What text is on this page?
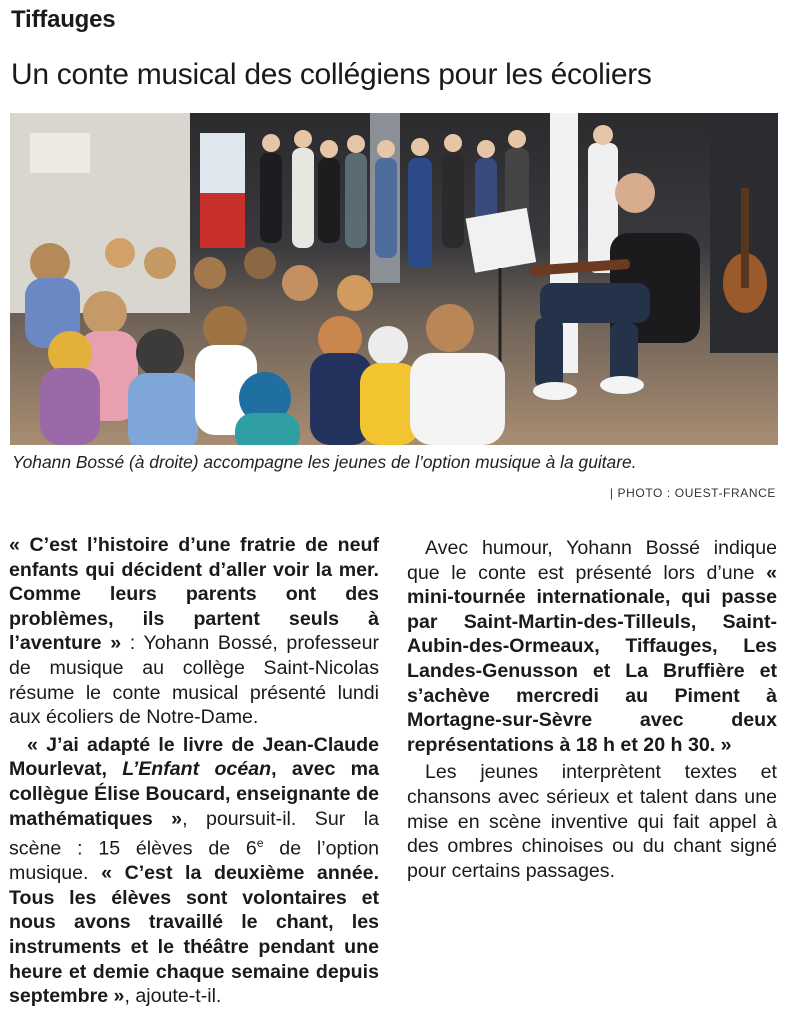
Tiffauges
Un conte musical des collégiens pour les écoliers
Yohann Bossé (à droite) accompagne les jeunes de l’option musique à la guitare.
| PHOTO : OUEST-FRANCE

« C’est l’histoire d’une fratrie de neuf enfants qui décident d’aller voir la mer. Comme leurs parents ont des problèmes, ils partent seuls à l’aventure » : Yohann Bossé, professeur de musique au collège Saint-Nicolas résume le conte musical présenté lundi aux écoliers de Notre-Dame.

« J’ai adapté le livre de Jean-Claude Mourlevat, L’Enfant océan, avec ma collègue Élise Boucard, enseignante de mathématiques », poursuit-il. Sur la scène : 15 élèves de 6e de l’option musique. « C’est la deuxième année. Tous les élèves sont volontaires et nous avons travaillé le chant, les instruments et le théâtre pendant une heure et demie chaque semaine depuis septembre », ajoute-t-il.

Avec humour, Yohann Bossé indique que le conte est présenté lors d’une « mini-tournée internationale, qui passe par Saint-Martin-des-Tilleuls, Saint-Aubin-des-Ormeaux, Tiffauges, Les Landes-Genusson et La Bruffière et s’achève mercredi au Piment à Mortagne-sur-Sèvre avec deux représentations à 18 h et 20 h 30. »

Les jeunes interprètent textes et chansons avec sérieux et talent dans une mise en scène inventive qui fait appel à des ombres chinoises ou du chant signé pour certains passages.
